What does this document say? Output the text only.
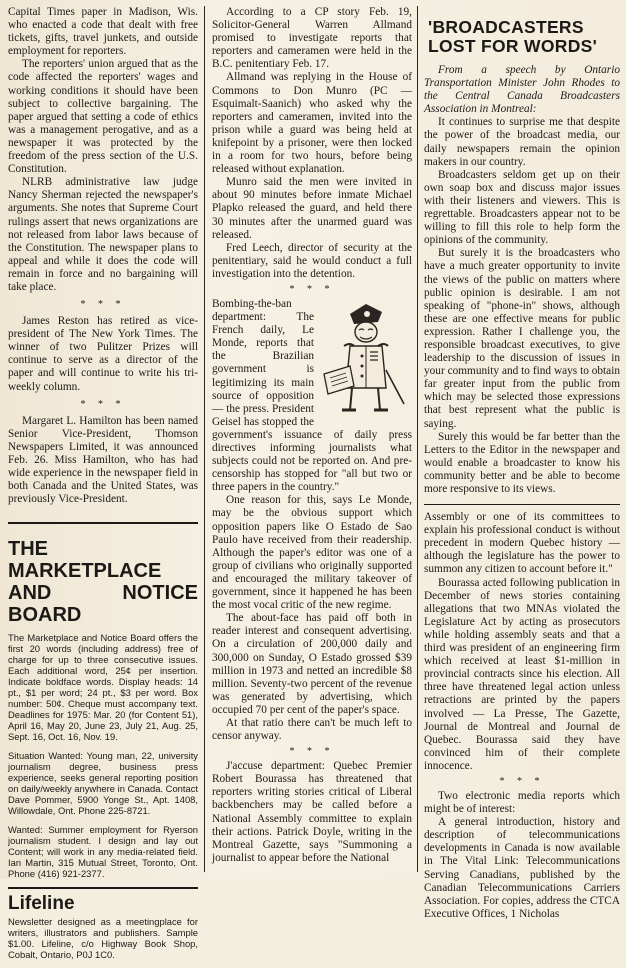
Capital Times paper in Madison, Wis. who enacted a code that dealt with free tickets, gifts, travel junkets, and outside employment for reporters.

The reporters' union argued that as the code affected the reporters' wages and working conditions it should have been subject to collective bargaining. The paper argued that setting a code of ethics was a management perogative, and as a newspaper it was protected by the freedom of the press section of the U.S. Constitution.

NLRB administrative law judge Nancy Sherman rejected the newspaper's arguments. She notes that Supreme Court rulings assert that news organizations are not released from labor laws because of the Constitution. The newspaper plans to appeal and while it does the code will remain in force and no bargaining will take place.

* * *

James Reston has retired as vice-president of The New York Times. The winner of two Pulitzer Prizes will continue to serve as a director of the paper and will continue to write his tri-weekly column.

* * *

Margaret L. Hamilton has been named Senior Vice-President, Thomson Newspapers Limited, it was announced Feb. 26. Miss Hamilton, who has had wide experience in the newspaper field in both Canada and the United States, was previously Vice-President.

THE MARKETPLACE
AND NOTICE BOARD
The Marketplace and Notice Board offers the first 20 words (including address) free of charge for up to three consecutive issues. Each additional word, 25¢ per insertion. Indicate boldface words. Display heads: 14 pt., $1 per word; 24 pt., $3 per word. Box number: 50¢. Cheque must accompany text. Deadlines for 1975: Mar. 20 (for Content 51), April 16, May 20, June 23, July 21, Aug. 25, Sept. 16, Oct. 16, Nov. 19.
Situation Wanted: Young man, 22, university journalism degree, business press experience, seeks general reporting position on daily/weekly anywhere in Canada. Contact Dave Pommer, 5900 Yonge St., Apt. 1408, Willowdale, Ont. Phone 225-8721.
Wanted: Summer employment for Ryerson journalism student. I design and lay out Content; will work in any media-related field. Ian Martin, 315 Mutual Street, Toronto, Ont. Phone (416) 921-2377.
Lifeline
Newsletter designed as a meetingplace for writers, illustrators and publishers. Sample $1.00. Lifeline, c/o Highway Book Shop, Cobalt, Ontario, P0J 1C0.

According to a CP story Feb. 19, Solicitor-General Warren Allmand promised to investigate reports that reporters and cameramen were held in the B.C. penitentiary Feb. 17.

Allmand was replying in the House of Commons to Don Munro (PC — Esquimalt-Saanich) who asked why the reporters and cameramen, invited into the prison while a guard was being held at knifepoint by a prisoner, were then locked in a room for two hours, before being released without explanation.

Munro said the men were invited in about 90 minutes before inmate Michael Plapko released the guard, and held there 30 minutes after the unarmed guard was released.

Fred Leech, director of security at the penitentiary, said he would conduct a full investigation into the detention.

* * *

Bombing-the-ban department: The French daily, Le Monde, reports that the Brazilian government is legitimizing its main source of opposition — the press. President Geisel has stopped the government's issuance of daily press directives informing journalists what subjects could not be reported on. And pre-censorship has stopped for "all but two or three papers in the country."

One reason for this, says Le Monde, may be the obvious support which opposition papers like O Estado de Sao Paulo have received from their readership. Although the paper's editor was one of a group of civilians who originally supported and encouraged the military takeover of government, since it happened he has been the most vocal critic of the new regime.

The about-face has paid off both in reader interest and consequent advertising. On a circulation of 200,000 daily and 300,000 on Sunday, O Estado grossed $39 million in 1973 and netted an incredible $8 million. Seventy-two percent of the revenue was generated by advertising, which occupied 70 per cent of the paper's space.

At that ratio there can't be much left to censor anyway.

* * *

J'accuse department: Quebec Premier Robert Bourassa has threatened that reporters writing stories critical of Liberal backbenchers may be called before a National Assembly committee to explain their actions. Patrick Doyle, writing in the Montreal Gazette, says "Summoning a journalist to appear before the National

'BROADCASTERS
LOST FOR WORDS'

From a speech by Ontario Transportation Minister John Rhodes to the Central Canada Broadcasters Association in Montreal:

It continues to surprise me that despite the power of the broadcast media, our daily newspapers remain the opinion makers in our country.

Broadcasters seldom get up on their own soap box and discuss major issues with their listeners and viewers. This is regrettable. Broadcasters appear not to be willing to fill this role to help form the opinions of the community.

But surely it is the broadcasters who have a much greater opportunity to invite the views of the public on matters where public opinion is desirable. I am not speaking of "phone-in" shows, although these are one effective means for public expression. Rather I challenge you, the responsible broadcast executives, to give leadership to the discussion of issues in your community and to find ways to obtain far greater input from the public from which may be selected those expressions that best represent what the public is saying.

Surely this would be far better than the Letters to the Editor in the newspaper and would enable a broadcaster to know his community better and be able to become more responsive to its views.

Assembly or one of its committees to explain his professional conduct is without precedent in modern Quebec history — although the legislature has the power to summon any citizen to account before it."

Bourassa acted following publication in December of news stories containing allegations that two MNAs violated the Legislature Act by acting as prosecutors while holding assembly seats and that a third was president of an engineering firm which received at least $1-million in provincial contracts since his election. All three have threatened legal action unless retractions are printed by the papers involved — La Presse, The Gazette, Journal de Montreal and Journal de Quebec. Bourassa said they have convinced him of their complete innocence.

* * *

Two electronic media reports which might be of interest:

A general introduction, history and description of telecommunications developments in Canada is now available in The Vital Link: Telecommunications Serving Canadians, published by the Canadian Telecommunications Carriers Association. For copies, address the CTCA Executive Offices, 1 Nicholas
